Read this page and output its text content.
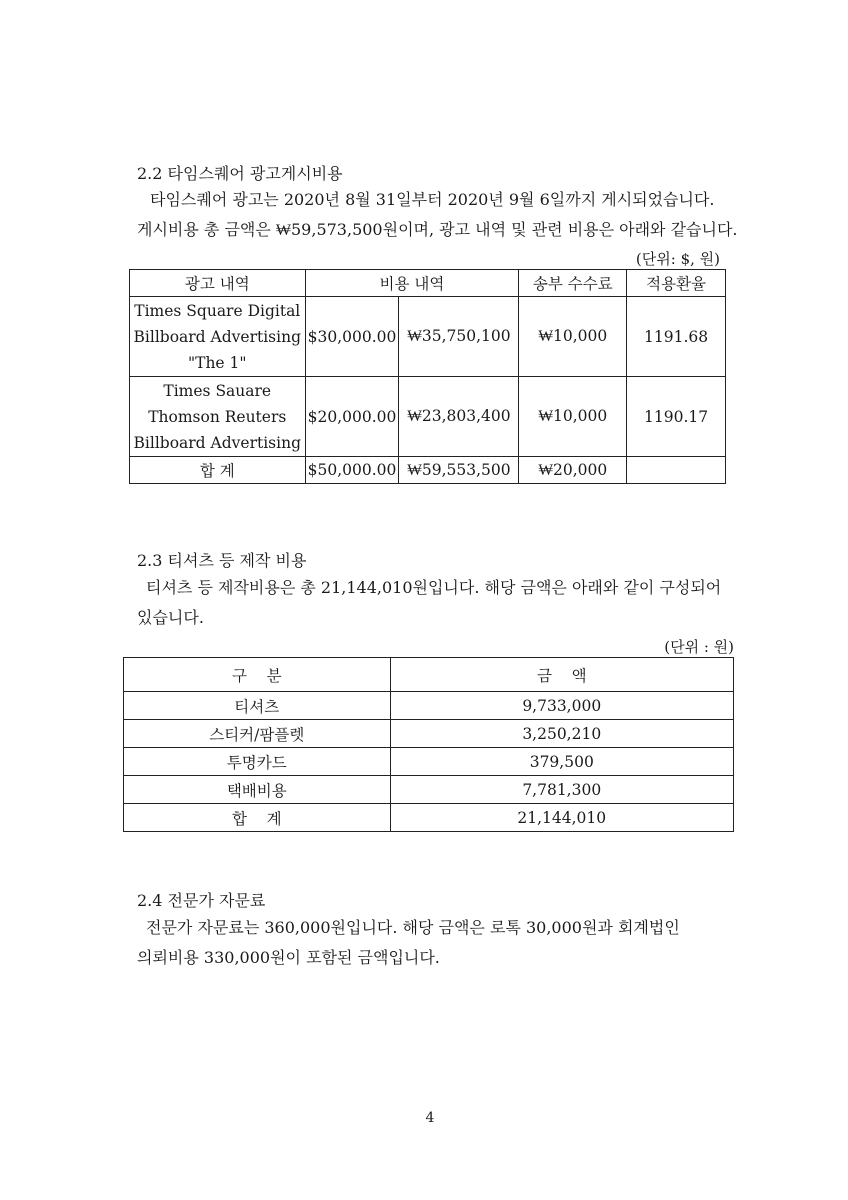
2.2 타임스퀘어 광고게시비용
타임스퀘어 광고는 2020년 8월 31일부터 2020년 9월 6일까지 게시되었습니다.
게시비용 총 금액은 ₩59,573,500원이며, 광고 내역 및 관련 비용은 아래와 같습니다.
(단위: $, 원)
광고 내역	비용 내역		송부 수수료	적용환율

Times Square Digital
Billboard Advertising
"The 1"	$30,000.00	₩35,750,100	₩10,000	1191.68

Times Sauare
Thomson Reuters
Billboard Advertising	$20,000.00	₩23,803,400	₩10,000	1190.17
합 계	$50,000.00	₩59,553,500	₩20,000	
2.3 티셔츠 등 제작 비용
티셔츠 등 제작비용은 총 21,144,010원입니다. 해당 금액은 아래와 같이 구성되어
있습니다.
(단위 : 원)
구    분	금    액
티셔츠	9,733,000
스티커/팜플렛	3,250,210
투명카드	379,500
택배비용	7,781,300
합    계	21,144,010
2.4 전문가 자문료
전문가 자문료는 360,000원입니다. 해당 금액은 로톡 30,000원과 회계법인
의뢰비용 330,000원이 포함된 금액입니다.
4
